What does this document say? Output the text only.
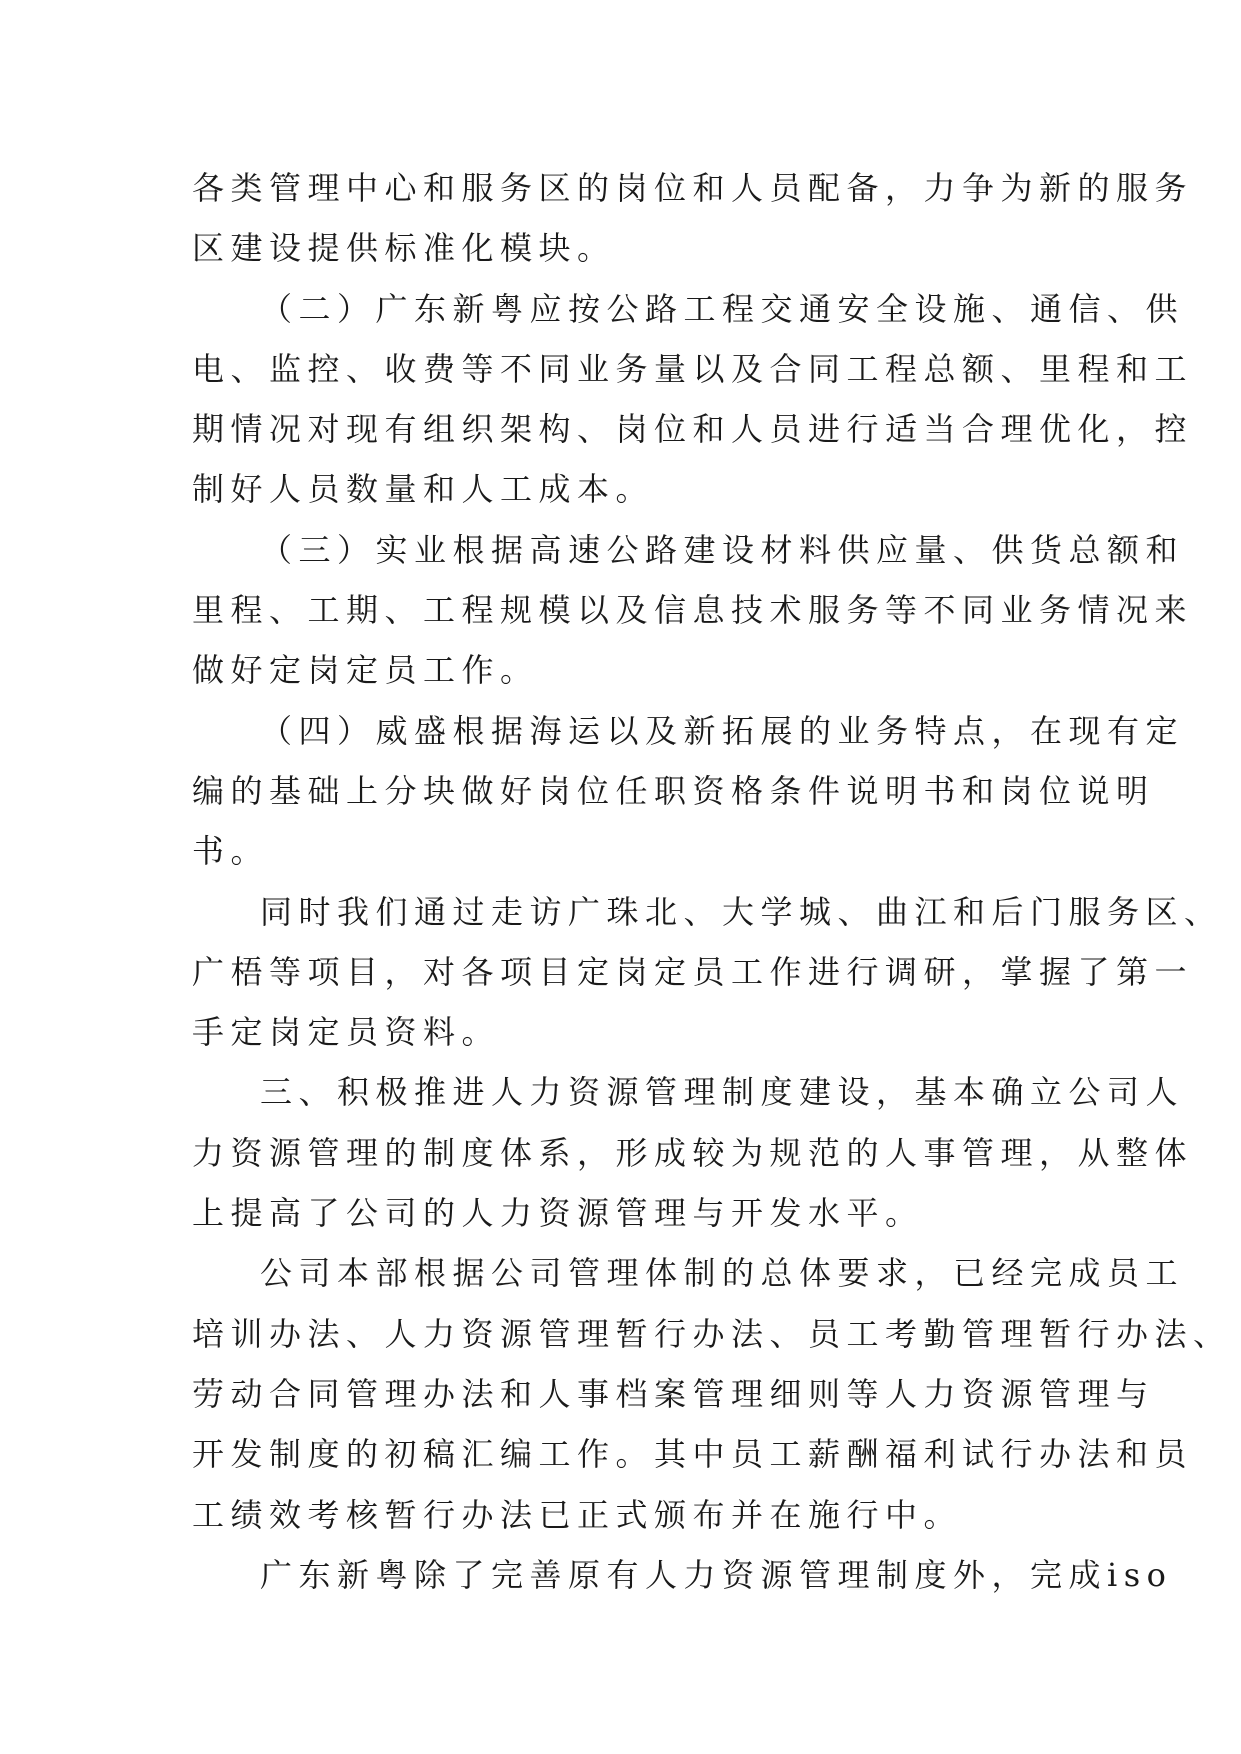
各类管理中心和服务区的岗位和人员配备，力争为新的服务
区建设提供标准化模块。

（二）广东新粤应按公路工程交通安全设施、通信、供
电、监控、收费等不同业务量以及合同工程总额、里程和工
期情况对现有组织架构、岗位和人员进行适当合理优化，控
制好人员数量和人工成本。

（三）实业根据高速公路建设材料供应量、供货总额和
里程、工期、工程规模以及信息技术服务等不同业务情况来
做好定岗定员工作。

（四）威盛根据海运以及新拓展的业务特点，在现有定
编的基础上分块做好岗位任职资格条件说明书和岗位说明
书。

同时我们通过走访广珠北、大学城、曲江和后门服务区、
广梧等项目，对各项目定岗定员工作进行调研，掌握了第一
手定岗定员资料。

三、积极推进人力资源管理制度建设，基本确立公司人
力资源管理的制度体系，形成较为规范的人事管理，从整体
上提高了公司的人力资源管理与开发水平。

公司本部根据公司管理体制的总体要求，已经完成员工
培训办法、人力资源管理暂行办法、员工考勤管理暂行办法、
劳动合同管理办法和人事档案管理细则等人力资源管理与
开发制度的初稿汇编工作。其中员工薪酬福利试行办法和员
工绩效考核暂行办法已正式颁布并在施行中。

广东新粤除了完善原有人力资源管理制度外，完成iso
